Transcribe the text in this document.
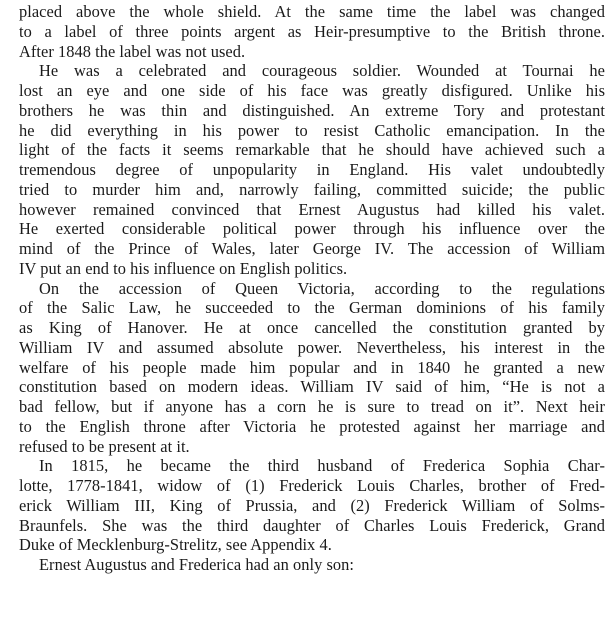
placed above the whole shield. At the same time the label was changed
to a label of three points argent as Heir-presumptive to the British throne.
After 1848 the label was not used.
He was a celebrated and courageous soldier. Wounded at Tournai he
lost an eye and one side of his face was greatly disfigured. Unlike his
brothers he was thin and distinguished. An extreme Tory and protestant
he did everything in his power to resist Catholic emancipation. In the
light of the facts it seems remarkable that he should have achieved such a
tremendous degree of unpopularity in England. His valet undoubtedly
tried to murder him and, narrowly failing, committed suicide; the public
however remained convinced that Ernest Augustus had killed his valet.
He exerted considerable political power through his influence over the
mind of the Prince of Wales, later George IV. The accession of William
IV put an end to his influence on English politics.
On the accession of Queen Victoria, according to the regulations
of the Salic Law, he succeeded to the German dominions of his family
as King of Hanover. He at once cancelled the constitution granted by
William IV and assumed absolute power. Nevertheless, his interest in the
welfare of his people made him popular and in 1840 he granted a new
constitution based on modern ideas. William IV said of him, “He is not a
bad fellow, but if anyone has a corn he is sure to tread on it”. Next heir
to the English throne after Victoria he protested against her marriage and
refused to be present at it.
In 1815, he became the third husband of Frederica Sophia Char-
lotte, 1778-1841, widow of (1) Frederick Louis Charles, brother of Fred-
erick William III, King of Prussia, and (2) Frederick William of Solms-
Braunfels. She was the third daughter of Charles Louis Frederick, Grand
Duke of Mecklenburg-Strelitz, see Appendix 4.
Ernest Augustus and Frederica had an only son:
